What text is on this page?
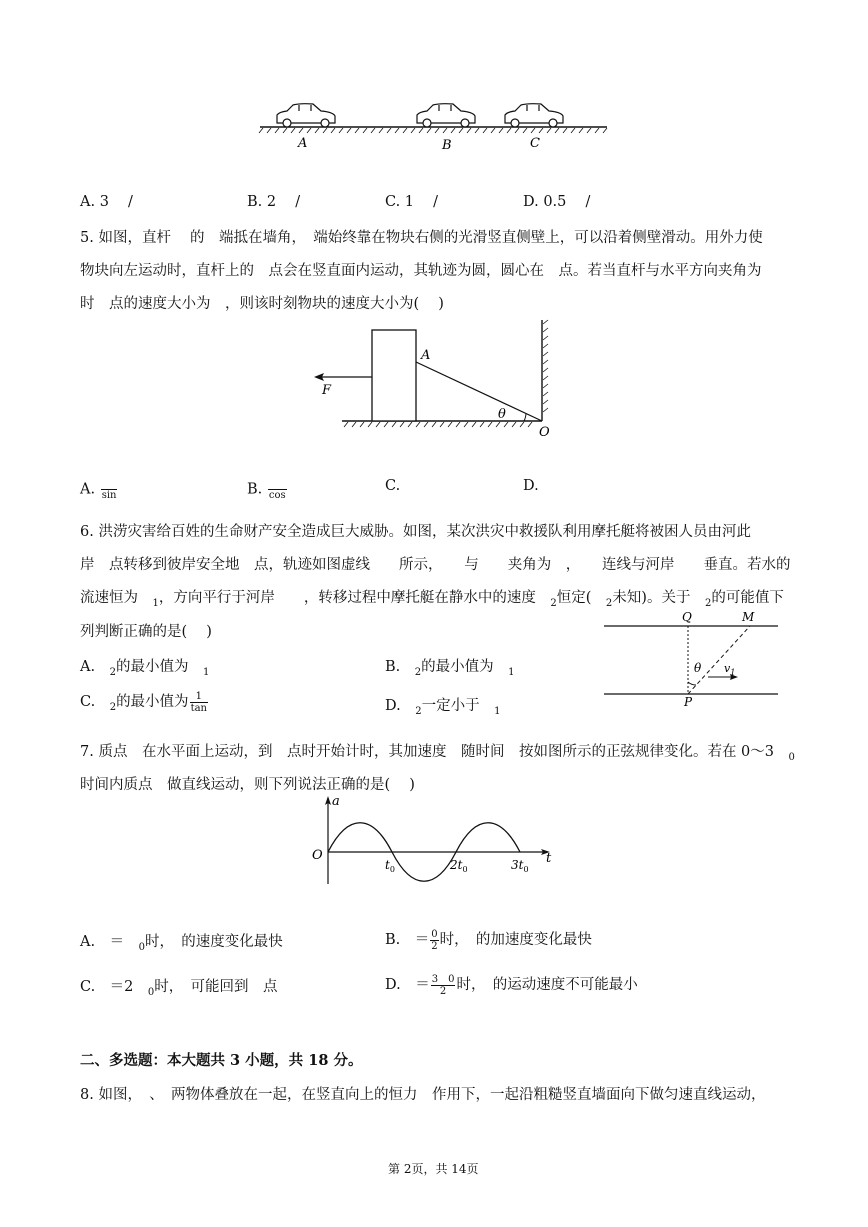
A	B	C
A. 3 　/	B. 2 　/	C. 1 　/	D. 0.5 　/
5. 如图，直杆　 的　端抵在墙角，　端始终靠在物块右侧的光滑竖直侧壁上，可以沿着侧壁滑动。用外力使
物块向左运动时，直杆上的　点会在竖直面内运动，其轨迹为圆，圆心在　点。若当直杆与水平方向夹角为
时　点的速度大小为　，则该时刻物块的速度大小为(　 )
F
A
θ
O
A. sin	B. cos
C.	D.
6. 洪涝灾害给百姓的生命财产安全造成巨大威胁。如图，某次洪灾中救援队利用摩托艇将被困人员由河此
岸　点转移到彼岸安全地　点，轨迹如图虚线　　所示，　　与　　夹角为　，　　连线与河岸　　垂直。若水的
流速恒为　$_1$，方向平行于河岸　　，转移过程中摩托艇在静水中的速度　$_2$恒定(　$_2$未知)。关于　$_2$的可能值下
列判断正确的是(　 )
A.　$_2$的最小值为　$_1$	B.　$_2$的最小值为　$_1$
C.　$_2$的最小值为 $\frac{1}{\tan}$	D.　$_2$一定小于　$_1$
Q	M
θ $v_1$
P
7. 质点　在水平面上运动，到　点时开始计时，其加速度　随时间　按如图所示的正弦规律变化。若在 0～3　$_0$
时间内质点　做直线运动，则下列说法正确的是(　 )
a
O	t
$t_0$	$2t_0$	$3t_0$
A.　＝　$_0$时，　的速度变化最快	B.　＝ $\frac{0}{2}$ 时，　的加速度变化最快
C.　＝2　$_0$时，　可能回到　点	D.　＝ $\frac{3 0}{2}$ 时，　的运动速度不可能最小
二、多选题：本大题共 3 小题，共 18 分。
8. 如图，　、　两物体叠放在一起，在竖直向上的恒力　作用下，一起沿粗糙竖直墙面向下做匀速直线运动，
第 2页，共 14页
